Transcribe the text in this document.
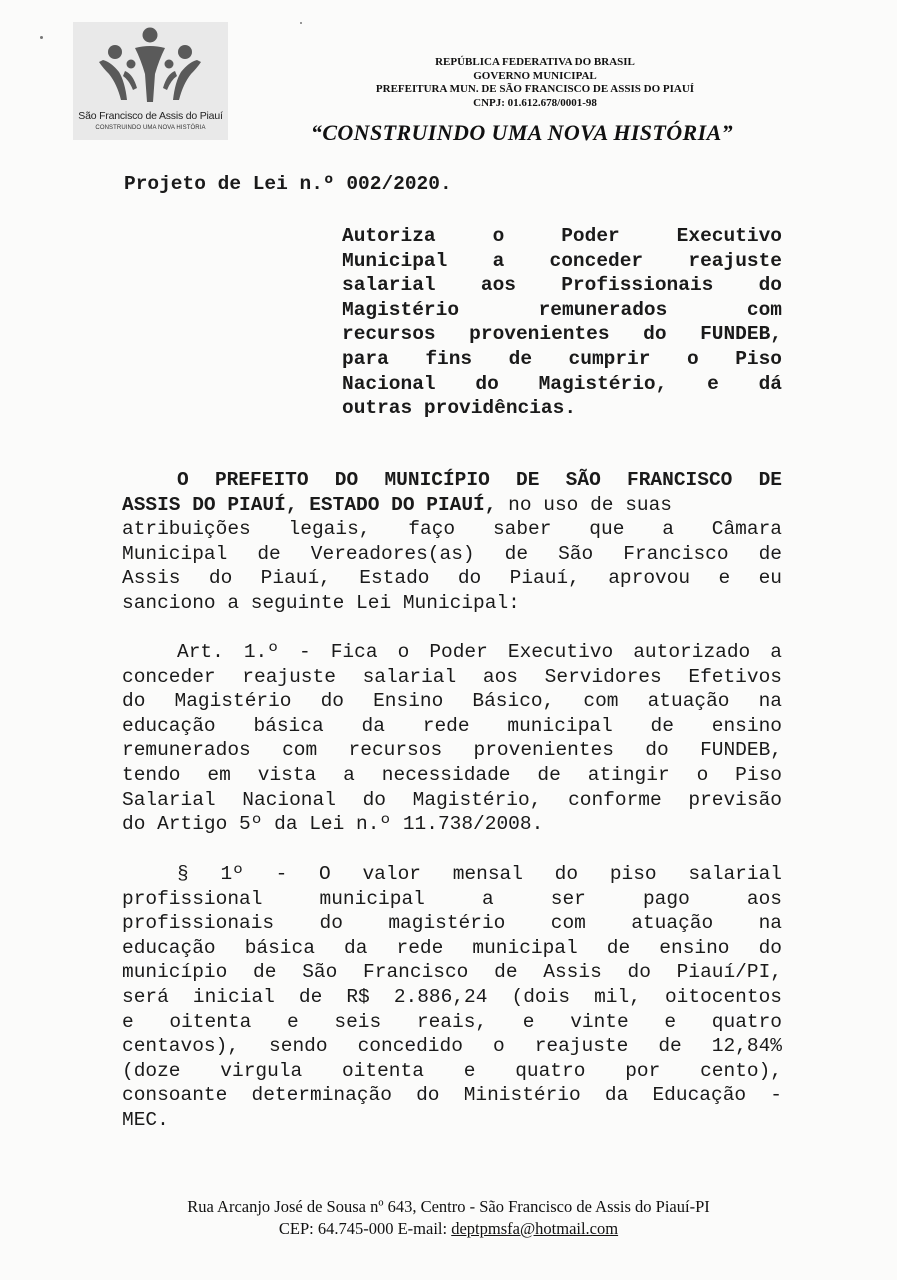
São Francisco de Assis do Piauí
CONSTRUINDO UMA NOVA HISTÓRIA
REPÚBLICA FEDERATIVA DO BRASIL
GOVERNO MUNICIPAL
PREFEITURA MUN. DE SÃO FRANCISCO DE ASSIS DO PIAUÍ
CNPJ: 01.612.678/0001-98
“CONSTRUINDO UMA NOVA HISTÓRIA”
Projeto de Lei n.º 002/2020.
Autoriza o Poder Executivo
Municipal a conceder reajuste
salarial aos Profissionais do
Magistério remunerados com
recursos provenientes do FUNDEB,
para fins de cumprir o Piso
Nacional do Magistério, e dá
outras providências.
O PREFEITO DO MUNICÍPIO DE SÃO FRANCISCO DE
ASSIS DO PIAUÍ, ESTADO DO PIAUÍ, no uso de suas
atribuições legais, faço saber que a Câmara
Municipal de Vereadores(as) de São Francisco de
Assis do Piauí, Estado do Piauí, aprovou e eu
sanciono a seguinte Lei Municipal:
Art. 1.º - Fica o Poder Executivo autorizado a
conceder reajuste salarial aos Servidores Efetivos
do Magistério do Ensino Básico, com atuação na
educação básica da rede municipal de ensino
remunerados com recursos provenientes do FUNDEB,
tendo em vista a necessidade de atingir o Piso
Salarial Nacional do Magistério, conforme previsão
do Artigo 5º da Lei n.º 11.738/2008.
§ 1º - O valor mensal do piso salarial
profissional municipal a ser pago aos
profissionais do magistério com atuação na
educação básica da rede municipal de ensino do
município de São Francisco de Assis do Piauí/PI,
será inicial de R$ 2.886,24 (dois mil, oitocentos
e oitenta e seis reais, e vinte e quatro
centavos), sendo concedido o reajuste de 12,84%
(doze virgula oitenta e quatro por cento),
consoante determinação do Ministério da Educação -
MEC.
Rua Arcanjo José de Sousa nº 643, Centro - São Francisco de Assis do Piauí-PI
CEP: 64.745-000 E-mail: deptpmsfa@hotmail.com
